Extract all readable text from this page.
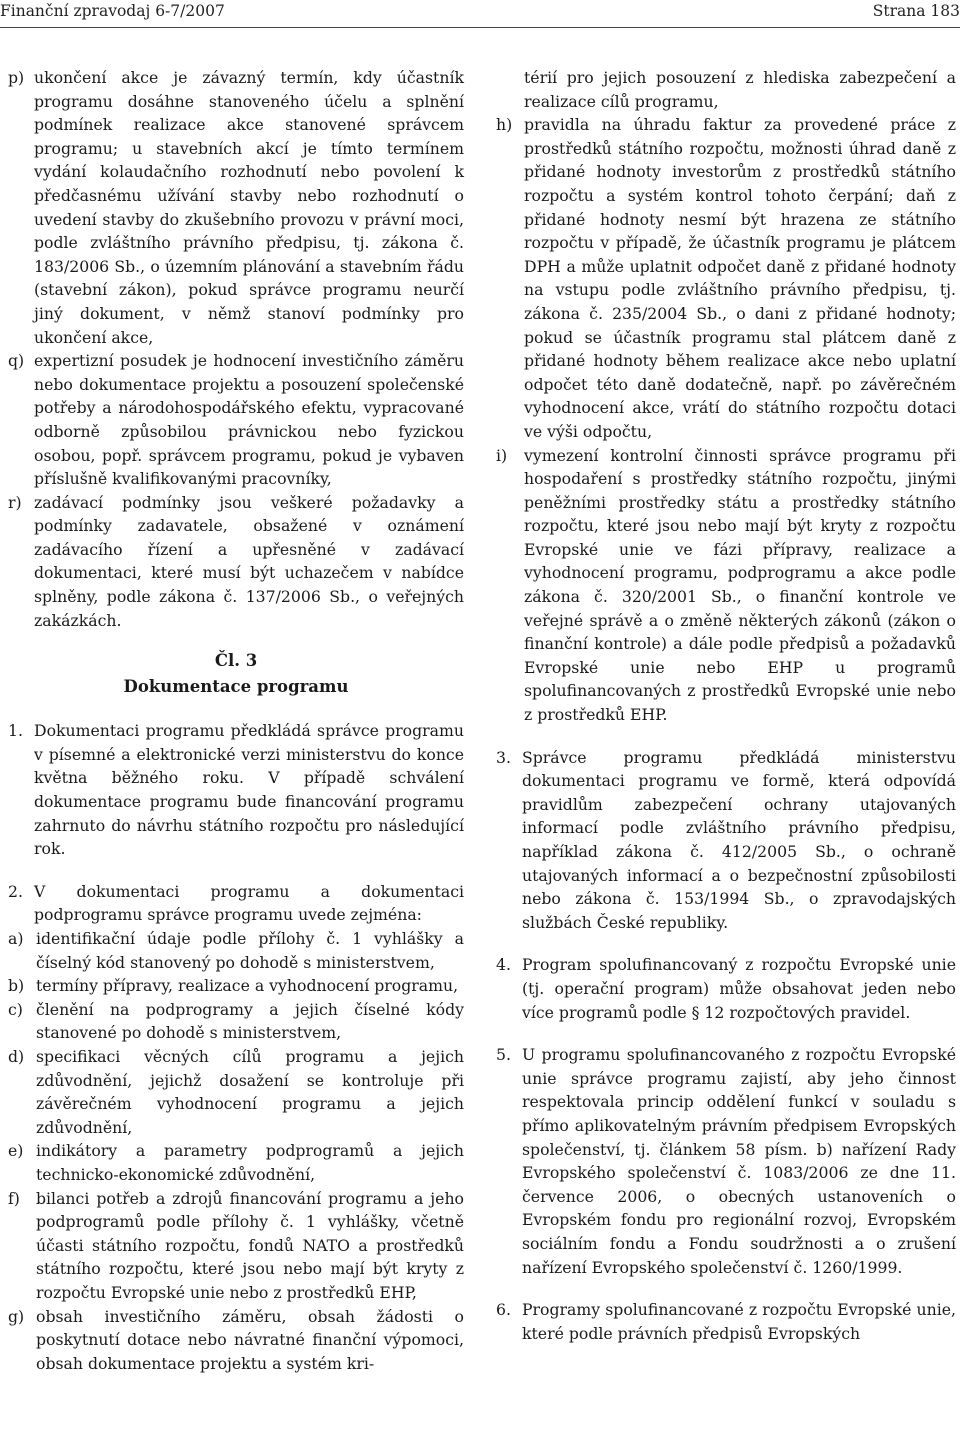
Finanční zpravodaj 6-7/2007	Strana 183
p) ukončení akce je závazný termín, kdy účastník programu dosáhne stanoveného účelu a splnění podmínek realizace akce stanovené správcem programu; u stavebních akcí je tímto termínem vydání kolaudačního rozhodnutí nebo povolení k předčasnému užívání stavby nebo rozhodnutí o uvedení stavby do zkušebního provozu v právní moci, podle zvláštního právního předpisu, tj. zákona č. 183/2006 Sb., o územním plánování a stavebním řádu (stavební zákon), pokud správce programu neurčí jiný dokument, v němž stanoví podmínky pro ukončení akce,
q) expertizní posudek je hodnocení investičního záměru nebo dokumentace projektu a posouzení společenské potřeby a národohospodářského efektu, vypracované odborně způsobilou právnickou nebo fyzickou osobou, popř. správcem programu, pokud je vybaven příslušně kvalifikovanými pracovníky,
r) zadávací podmínky jsou veškeré požadavky a podmínky zadavatele, obsažené v oznámení zadávacího řízení a upřesněné v zadávací dokumentaci, které musí být uchazečem v nabídce splněny, podle zákona č. 137/2006 Sb., o veřejných zakázkách.
Čl. 3
Dokumentace programu
1. Dokumentaci programu předkládá správce programu v písemné a elektronické verzi ministerstvu do konce května běžného roku. V případě schválení dokumentace programu bude financování programu zahrnuto do návrhu státního rozpočtu pro následující rok.
2. V dokumentaci programu a dokumentaci podprogramu správce programu uvede zejména:
a) identifikační údaje podle přílohy č. 1 vyhlášky a číselný kód stanovený po dohodě s ministerstvem,
b) termíny přípravy, realizace a vyhodnocení programu,
c) členění na podprogramy a jejich číselné kódy stanovené po dohodě s ministerstvem,
d) specifikaci věcných cílů programu a jejich zdůvodnění, jejichž dosažení se kontroluje při závěrečném vyhodnocení programu a jejich zdůvodnění,
e) indikátory a parametry podprogramů a jejich technicko-ekonomické zdůvodnění,
f)	bilanci potřeb a zdrojů financování programu a jeho podprogramů podle přílohy č. 1 vyhlášky, včetně účasti státního rozpočtu, fondů NATO a prostředků státního rozpočtu, které jsou nebo mají být kryty z rozpočtu Evropské unie nebo z prostředků EHP,
g) obsah investičního záměru, obsah žádosti o poskytnutí dotace nebo návratné finanční výpomoci, obsah dokumentace projektu a systém kri-
térií pro jejich posouzení z hlediska zabezpečení a realizace cílů programu,
h) pravidla na úhradu faktur za provedené práce z prostředků státního rozpočtu, možnosti úhrad daně z přidané hodnoty investorům z prostředků státního rozpočtu a systém kontrol tohoto čerpání; daň z přidané hodnoty nesmí být hrazena ze státního rozpočtu v případě, že účastník programu je plátcem DPH a může uplatnit odpočet daně z přidané hodnoty na vstupu podle zvláštního právního předpisu, tj. zákona č. 235/2004 Sb., o dani z přidané hodnoty; pokud se účastník programu stal plátcem daně z přidané hodnoty během realizace akce nebo uplatní odpočet této daně dodatečně, např. po závěrečném vyhodnocení akce, vrátí do státního rozpočtu dotaci ve výši odpočtu,
i)	vymezení kontrolní činnosti správce programu při hospodaření s prostředky státního rozpočtu, jinými peněžními prostředky státu a prostředky státního rozpočtu, které jsou nebo mají být kryty z rozpočtu Evropské unie ve fázi přípravy, realizace a vyhodnocení programu, podprogramu a akce podle zákona č. 320/2001 Sb., o finanční kontrole ve veřejné správě a o změně některých zákonů (zákon o finanční kontrole) a dále podle předpisů a požadavků Evropské unie nebo EHP u programů spolufinancovaných z prostředků Evropské unie nebo z prostředků EHP.
3. Správce programu předkládá ministerstvu dokumentaci programu ve formě, která odpovídá pravidlům zabezpečení ochrany utajovaných informací podle zvláštního právního předpisu, například zákona č. 412/2005 Sb., o ochraně utajovaných informací a o bezpečnostní způsobilosti nebo zákona č. 153/1994 Sb., o zpravodajských službách České republiky.
4. Program spolufinancovaný z rozpočtu Evropské unie (tj. operační program) může obsahovat jeden nebo více programů podle § 12 rozpočtových pravidel.
5. U programu spolufinancovaného z rozpočtu Evropské unie správce programu zajistí, aby jeho činnost respektovala princip oddělení funkcí v souladu s přímo aplikovatelným právním předpisem Evropských společenství, tj. článkem 58 písm. b) nařízení Rady Evropského společenství č. 1083/2006 ze dne 11. července 2006, o obecných ustanoveních o Evropském fondu pro regionální rozvoj, Evropském sociálním fondu a Fondu soudržnosti a o zrušení nařízení Evropského společenství č. 1260/1999.
6. Programy spolufinancované z rozpočtu Evropské unie, které podle právních předpisů Evropských
